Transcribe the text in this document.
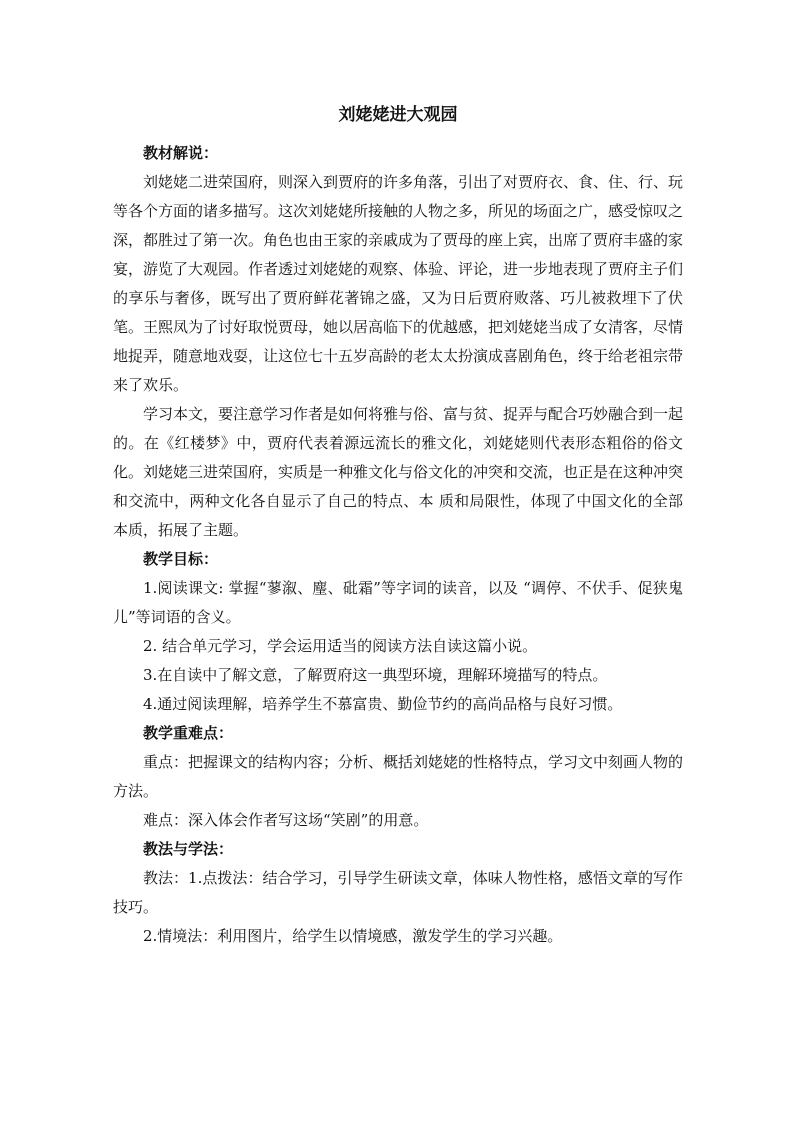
刘姥姥进大观园
教材解说：

刘姥姥二进荣国府，则深入到贾府的许多角落，引出了对贾府衣、食、住、行、玩等各个方面的诸多描写。这次刘姥姥所接触的人物之多，所见的场面之广，感受惊叹之深，都胜过了第一次。角色也由王家的亲戚成为了贾母的座上宾，出席了贾府丰盛的家宴，游览了大观园。作者透过刘姥姥的观察、体验、评论，进一步地表现了贾府主子们的享乐与奢侈，既写出了贾府鲜花著锦之盛，又为日后贾府败落、巧儿被救埋下了伏笔。王熙凤为了讨好取悦贾母，她以居高临下的优越感，把刘姥姥当成了女清客，尽情地捉弄，随意地戏耍，让这位七十五岁高龄的老太太扮演成喜剧角色，终于给老祖宗带来了欢乐。

学习本文，要注意学习作者是如何将雅与俗、富与贫、捉弄与配合巧妙融合到一起的。在《红楼梦》中，贾府代表着源远流长的雅文化，刘姥姥则代表形态粗俗的俗文化。刘姥姥三进荣国府，实质是一种雅文化与俗文化的冲突和交流，也正是在这种冲突和交流中，两种文化各自显示了自己的特点、本 质和局限性，体现了中国文化的全部本质，拓展了主题。

教学目标：

1.阅读课文: 掌握“蓼溆、麈、砒霜”等字词的读音，以及 “调停、不伏手、促狭鬼儿”等词语的含义。

2. 结合单元学习，学会运用适当的阅读方法自读这篇小说。

3.在自读中了解文意，了解贾府这一典型环境，理解环境描写的特点。

4.通过阅读理解，培养学生不慕富贵、勤俭节约的高尚品格与良好习惯。

教学重难点：

重点：把握课文的结构内容；分析、概括刘姥姥的性格特点，学习文中刻画人物的方法。

难点：深入体会作者写这场“笑剧”的用意。

教法与学法：

教法：1.点拨法：结合学习，引导学生研读文章，体味人物性格，感悟文章的写作技巧。

2.情境法：利用图片，给学生以情境感，激发学生的学习兴趣。
